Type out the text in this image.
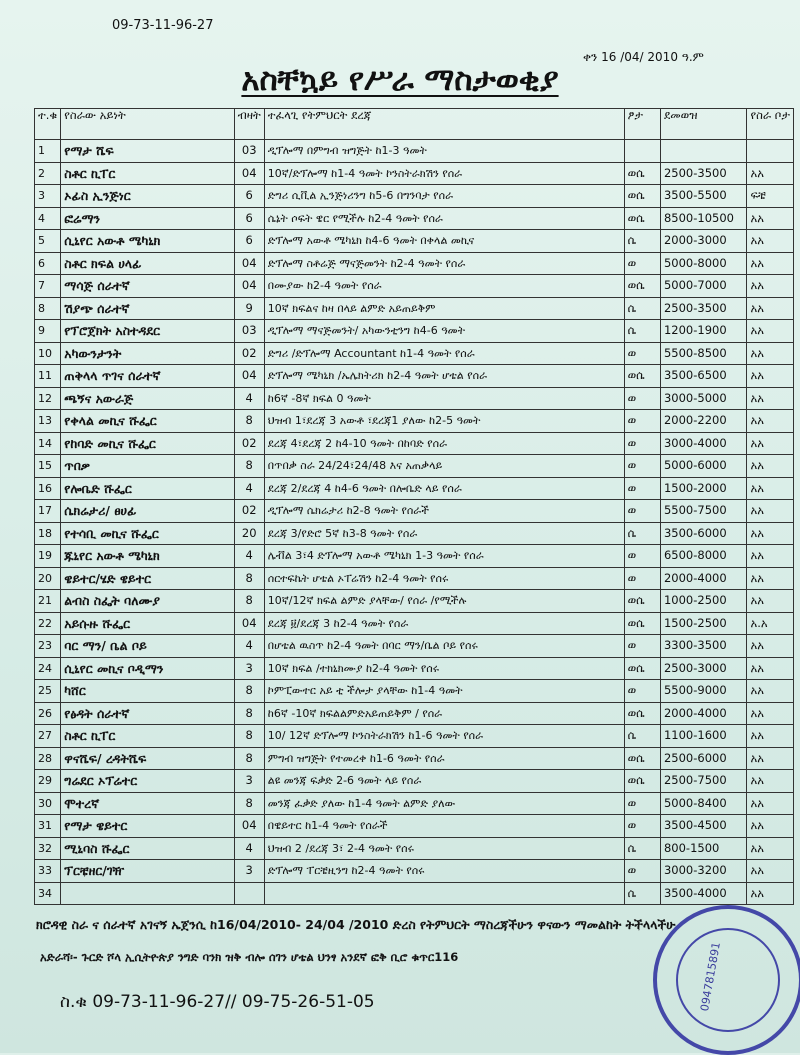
09-73-11-96-27
ቀን 16 /04/ 2010 ዓ.ም
አስቸኳይ የሥራ ማስታወቂያ
ተ.ቁ	የስራው አይነት	ብዛት	ተፈላጊ የትምህርት ደረጃ	ፆታ	ደመወዝ	የስራ ቦታ
1	የማታ ሼፍ	03	ዲፕሎማ በምግብ ዝግጅት ከ1-3 ዓመት			
2	ስቶር ኪፐር	04	10ኛ/ድፕሎማ ከ1-4 ዓመት ኮንስትራክሽን የሰራ	ወሴ	2500-3500	አአ
3	ኦፊስ ኢንጅነር	6	ድግሪ ሲቪል ኢንጅነሪንግ ከ5-6 በግንባታ የሰራ	ወሴ	3500-5500	ፍቼ
4	ፎሬማን	6	ሴኔት ሶፍት ዌር የሚችሉ ከ2-4 ዓመት የሰራ	ወሴ	8500-10500	አአ
5	ሲኒየር አውቶ ሜካኒክ	6	ድፕሎማ አውቶ ሜካኒክ ከ4-6 ዓመት በቀላል መኪና	ሴ	2000-3000	አአ
6	ስቶር ክፍል ሀላፊ	04	ድፕሎማ ስቶሬጅ ማናጅመንት ከ2-4 ዓመት የሰራ	ወ	5000-8000	አአ
7	ማሳጅ ሰራተኛ	04	በሙያው ከ2-4 ዓመት የሰራ	ወሴ	5000-7000	አአ
8	ሽያጭ ሰራተኛ	9	10ኛ ክፍልና ከዛ በላይ ልምድ አይጠይቅም	ሴ	2500-3500	አአ
9	የፕሮጀክት አስተዳደር	03	ዲፕሎማ ማናጅመንት/ አካውንቲንግ ከ4-6 ዓመት	ሴ	1200-1900	አአ
10	አካውንታንት	02	ድግሪ /ድፕሎማ Accountant ከ1-4 ዓመት የሰራ	ወ	5500-8500	አአ
11	ጠቅላላ ጥገና ሰራተኛ	04	ድፕሎማ ሜካኒክ /ኤሌክትሪክ ከ2-4 ዓመት ሆቴል የሰራ	ወሴ	3500-6500	አአ
12	ጫኝና አውራጅ	4	ከ6ኛ -8ኛ ክፍል 0 ዓመት	ወ	3000-5000	አአ
13	የቀላል መኪና ሹፌር	8	ህዝብ 1፣ደረጃ 3 አውቶ ፣ደረጃ1 ያለው ከ2-5 ዓመት	ወ	2000-2200	አአ
14	የከባድ መኪና ሹፌር	02	ደረጃ 4፣ደረጃ 2 ከ4-10 ዓመት በከባድ የሰራ	ወ	3000-4000	አአ
15	ጥበቃ	8	በጥበቃ ስራ 24/24፣24/48 እና አጠቃላይ	ወ	5000-6000	አአ
16	የሎቤድ ሹፌር	4	ደረጃ 2/ደረጃ 4 ከ4-6 ዓመት በሎቤድ ላይ የሰራ	ወ	1500-2000	አአ
17	ሴክሬታሪ/ ፀሀፊ	02	ዲፕሎማ ሴክሬታሪ ከ2-8 ዓመት የሰራች	ወ	5500-7500	አአ
18	የተሳቢ መኪና ሹፌር	20	ደረጃ 3/የድሮ 5ኛ ከ3-8 ዓመት የሰራ	ሴ	3500-6000	አአ
19	ጁኒየር አውቶ ሜካኒክ	4	ሌቭል 3፣4 ድፕሎማ አውቶ ሜካኒክ 1-3 ዓመት የሰራ	ወ	6500-8000	አአ
20	ዌይተር/ሄድ ዌይተር	8	ሰርተፍኬት ሆቴል ኦፐሬሽን ከ2-4 ዓመት የሰሩ	ወ	2000-4000	አአ
21	ልብስ ስፌት ባለሙያ	8	10ኛ/12ኛ ክፍል ልምድ ያላቸው/ የሰራ /የሚችሉ	ወሴ	1000-2500	አአ
22	አይሱዙ ሹፌር	04	ደረጃ ፱/ደረጃ 3 ከ2-4 ዓመት የሰራ	ወሴ	1500-2500	አ.አ
23	ባር ማን/ ቤል ቦይ	4	በሆቴል ዉስጥ ከ2-4 ዓመት በባር ማን/ቤል ቦይ የሰሩ	ወ	3300-3500	አአ
24	ሲኒየር መኪና ቦዲማን	3	10ኛ ክፍል /ተክኒክሙያ ከ2-4 ዓመት የሰሩ	ወሴ	2500-3000	አአ
25	ካሸር	8	ኮምፒውተር አይ ቲ ችሎታ ያላቸው ከ1-4 ዓመት	ወ	5500-9000	አአ
26	የፅዳት ሰራተኛ	8	ከ6ኛ -10ኛ ክፍልልምድአይጠይቅም / የሰራ	ወሴ	2000-4000	አአ
27	ስቶር ኪፐር	8	10/ 12ኛ ድፕሎማ ኮንስትራክሽን ከ1-6 ዓመት የሰራ	ሴ	1100-1600	አአ
28	ዋናሼፍ/ ረዳትሼፍ	8	ምግብ ዝግጅት የተመረቀ ከ1-6 ዓመት የሰራ	ወሴ	2500-6000	አአ
29	ግሬደር ኦፕሬተር	3	ልዩ መንጃ ፍቃድ 2-6 ዓመት ላይ የሰራ	ወሴ	2500-7500	አአ
30	ሞተረኛ	8	መንጃ ፈቃድ ያለው ከ1-4 ዓመት ልምድ ያለው	ወ	5000-8400	አአ
31	የማታ ዌይተር	04	በዌይተር ከ1-4 ዓመት የሰራች	ወ	3500-4500	አአ
32	ሚኒባስ ሹፌር	4	ህዝብ 2 /ደረጃ 3፣ 2-4 ዓመት የሰሩ	ሴ	800-1500	አአ
33	ፕርቼዘር/ገዥ	3	ድፕሎማ ፐርቼዚንግ ከ2-4 ዓመት የሰሩ	ወ	3000-3200	አአ
34				ሴ	3500-4000	አአ
ክሮዳዊ ስራ ና ሰራተኛ አገናኝ ኤጀንሲ ከ16/04/2010- 24/04 /2010 ድረስ የትምህርት ማስረጃችሁን ዋናውን ማመልከት ትችላላችሁ
አድራሻ፡- ጉርድ ሾላ ኢሲትዮጵያ ንግድ ባንክ ዝቅ ብሎ ሰገን ሆቴል ህንፃ አንደኛ ፎቅ ቢሮ ቁጥር116
ስ.ቁ 09-73-11-96-27// 09-75-26-51-05	0947815891
